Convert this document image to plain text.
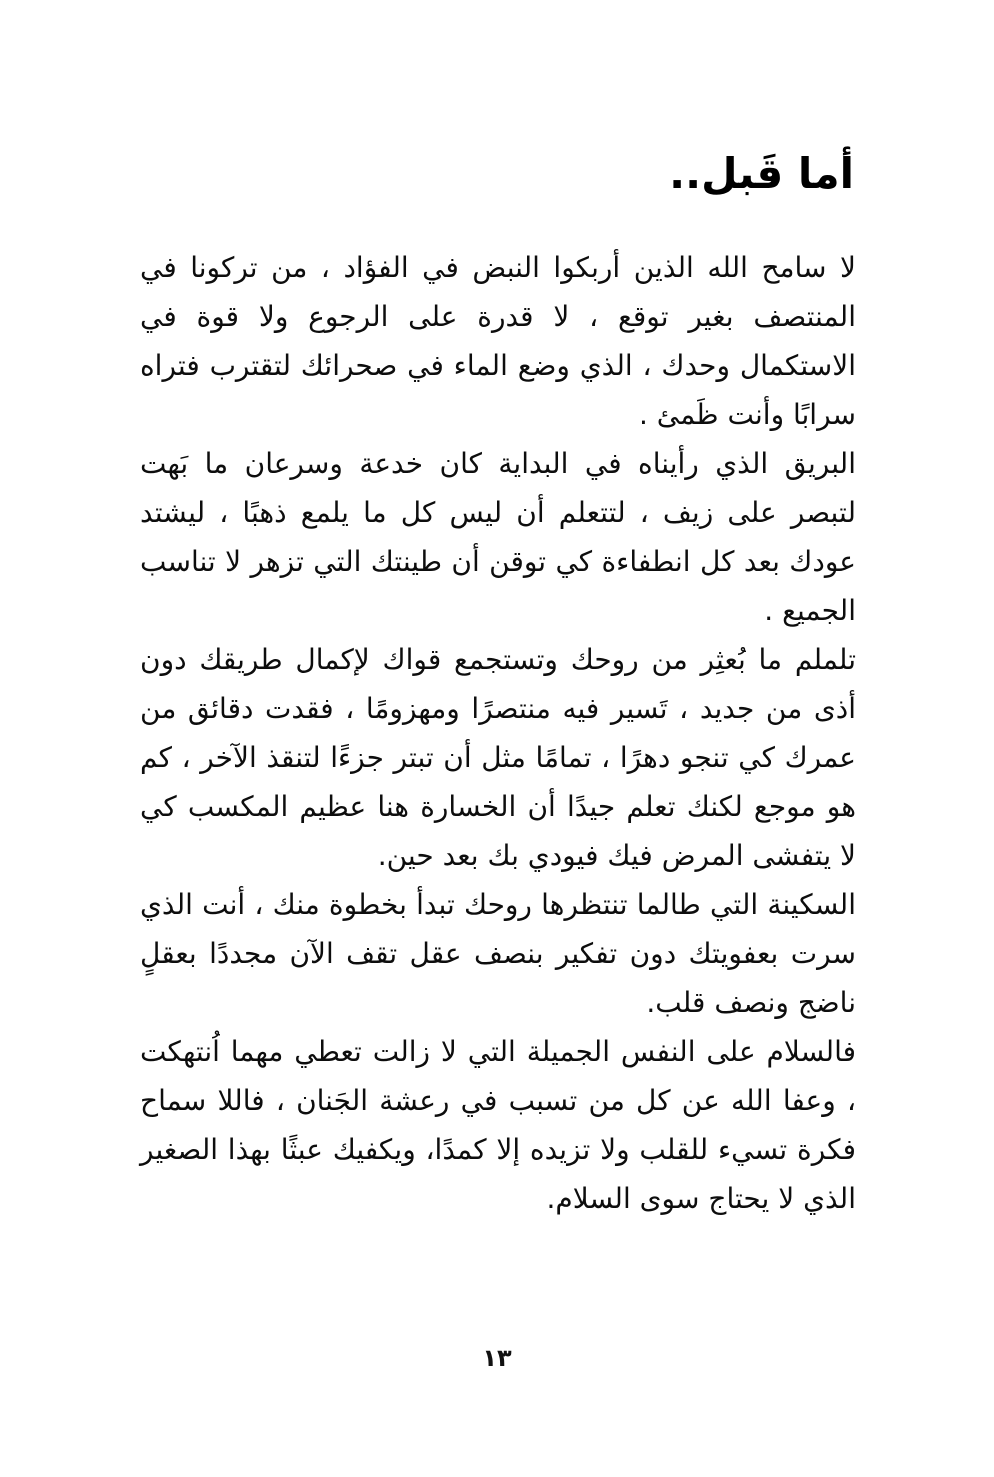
أما قَبل..

لا سامح الله الذين أربكوا النبض في الفؤاد ، من تركونا في المنتصف بغير توقع ، لا قدرة على الرجوع ولا قوة في الاستكمال وحدك ، الذي وضع الماء في صحرائك لتقترب فتراه سرابًا وأنت ظَمئ .

البريق الذي رأيناه في البداية كان خدعة وسرعان ما بَهت لتبصر على زيف ، لتتعلم أن ليس كل ما يلمع ذهبًا ، ليشتد عودك بعد كل انطفاءة كي توقن أن طينتك التي تزهر لا تناسب الجميع .

تلملم ما بُعثِر من روحك وتستجمع قواك لإكمال طريقك دون أذى من جديد ، تَسير فيه منتصرًا ومهزومًا ، فقدت دقائق من عمرك كي تنجو دهرًا ، تمامًا مثل أن تبتر جزءًا لتنقذ الآخر ، كم هو موجع لكنك تعلم جيدًا أن الخسارة هنا عظيم المكسب كي لا يتفشى المرض فيك فيودي بك بعد حين.

السكينة التي طالما تنتظرها روحك تبدأ بخطوة منك ، أنت الذي سرت بعفويتك دون تفكير بنصف عقل تقف الآن مجددًا بعقلٍ ناضج ونصف قلب.

فالسلام على النفس الجميلة التي لا زالت تعطي مهما اُنتهكت ، وعفا الله عن كل من تسبب في رعشة الجَنان ، فاللا سماح فكرة تسيء للقلب ولا تزيده إلا كمدًا، ويكفيك عبثًا بهذا الصغير الذي لا يحتاج سوى السلام.

١٣
